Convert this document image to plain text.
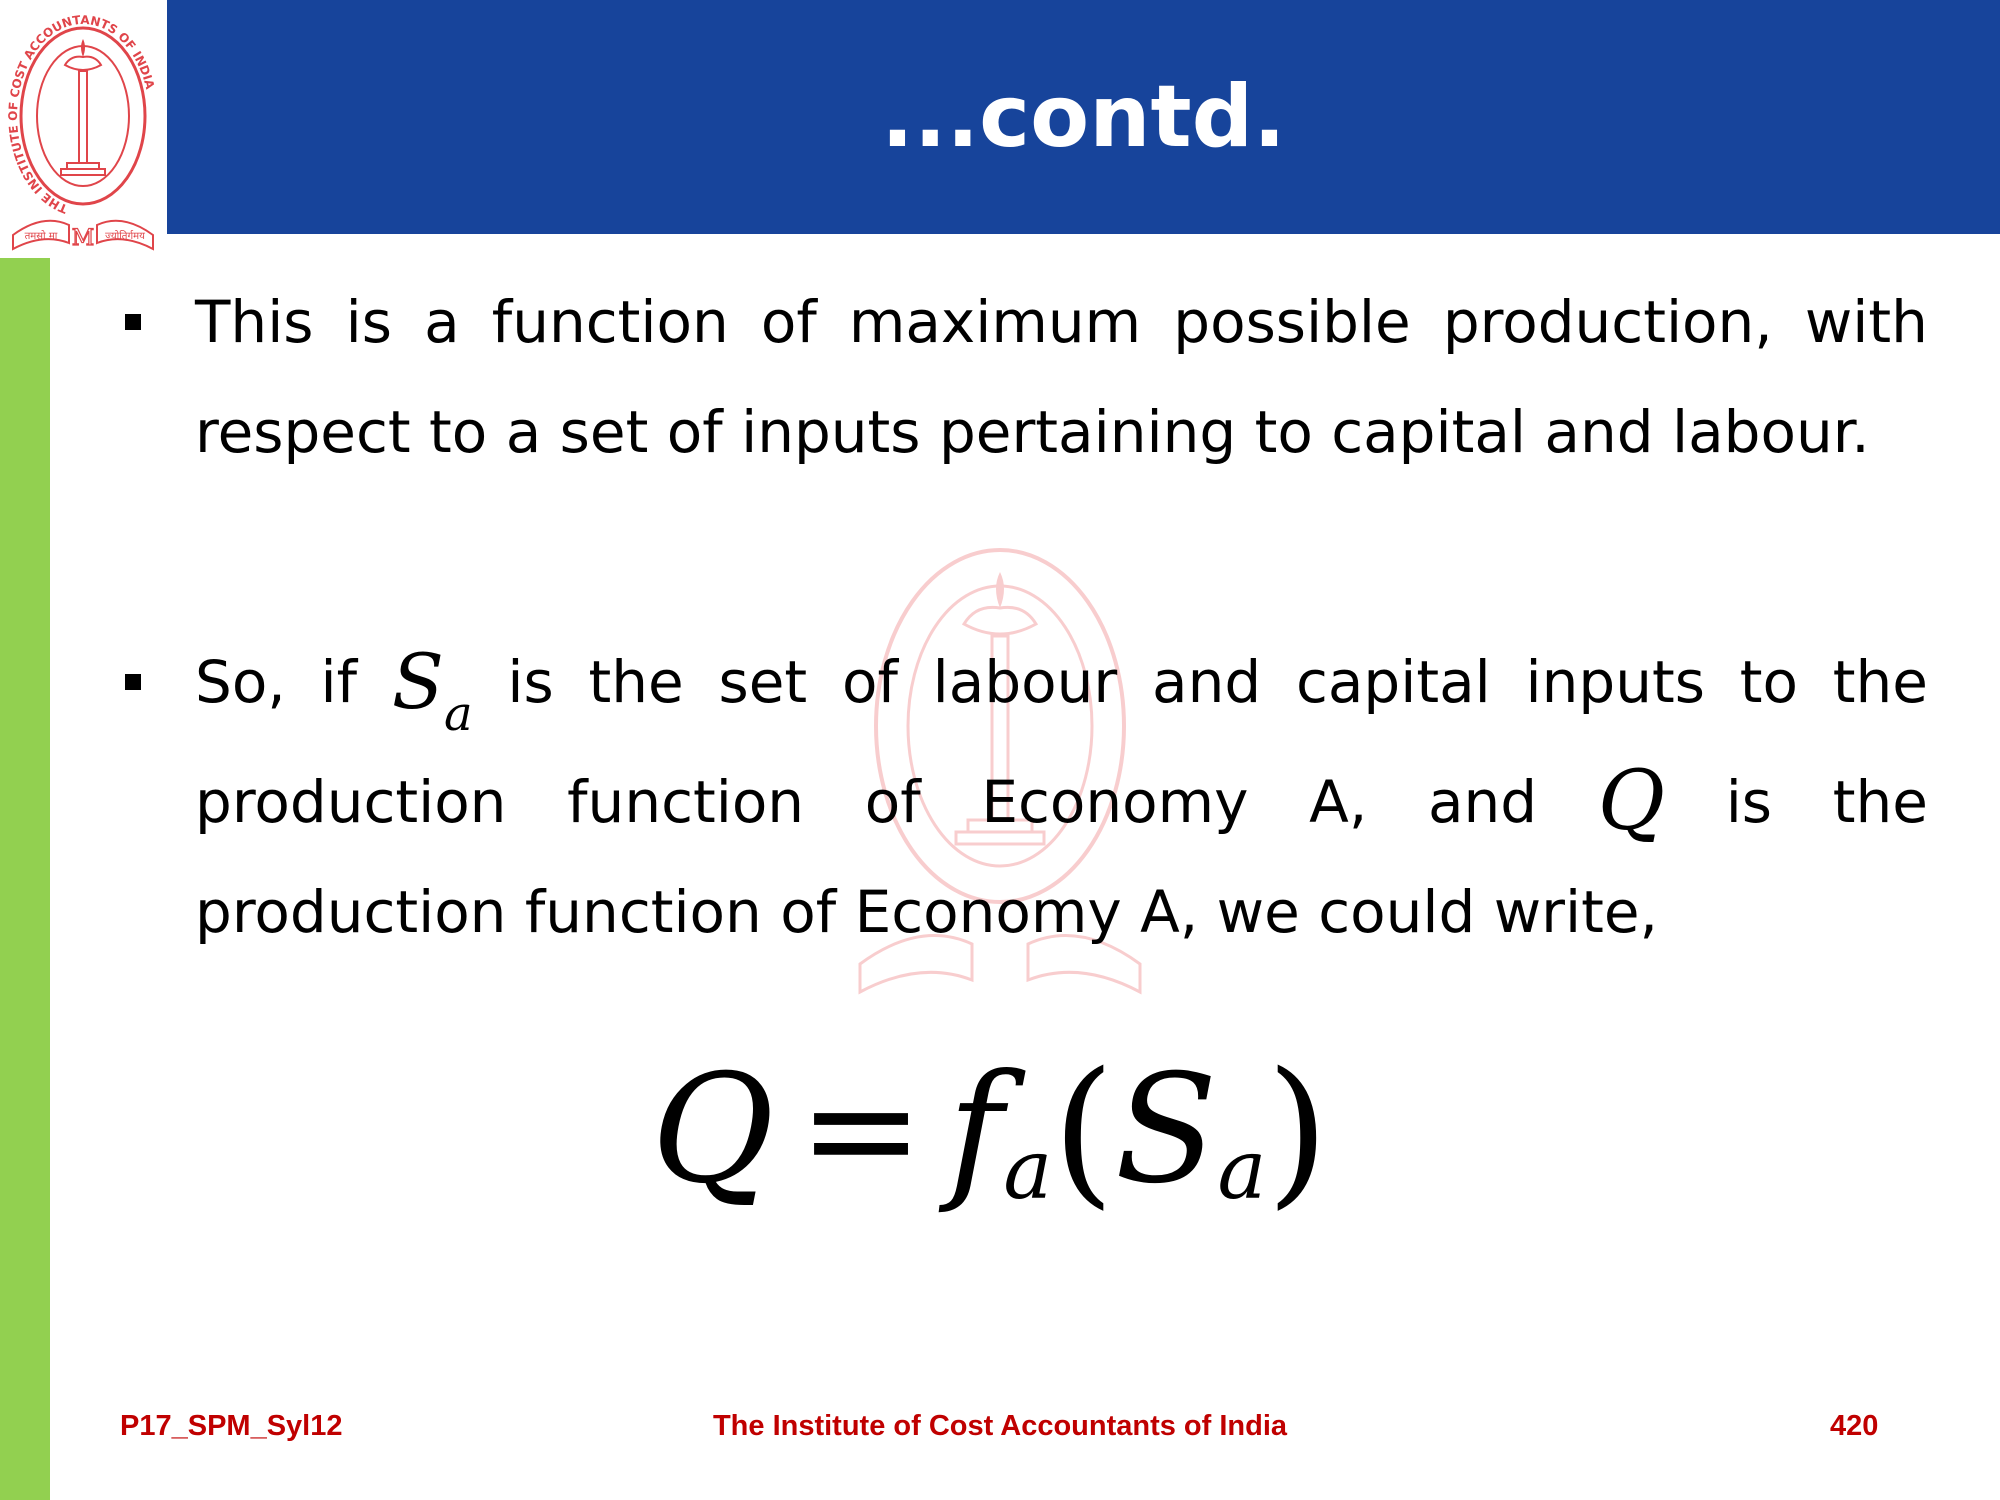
...contd.
THE INSTITUTE OF COST ACCOUNTANTS OF INDIA
तमसो मा	ज्योतिर्गमय
M
This is a function of maximum possible production, with
respect to a set of inputs pertaining to capital and labour.
So, if $S_a$ is the set of labour and capital inputs to the
production function of Economy A, and Q is the
production function of Economy A, we could write,
Q = f a ( S a )
P17_SPM_Syl12	The Institute of Cost Accountants of India	420
